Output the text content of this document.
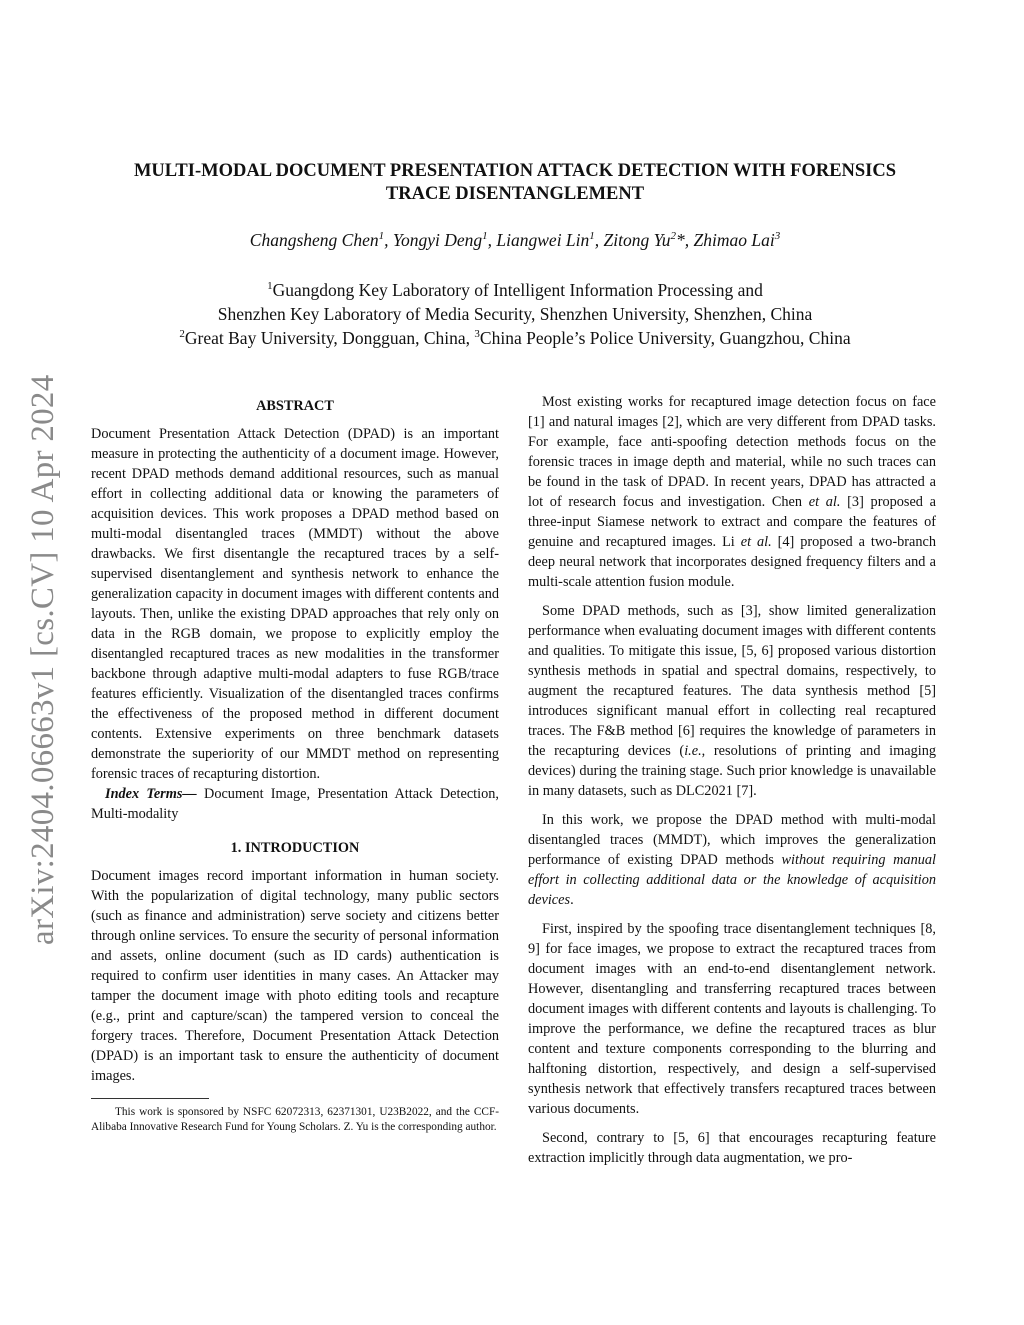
arXiv:2404.06663v1 [cs.CV] 10 Apr 2024
MULTI-MODAL DOCUMENT PRESENTATION ATTACK DETECTION WITH FORENSICS
TRACE DISENTANGLEMENT
Changsheng Chen$^1$, Yongyi Deng$^1$, Liangwei Lin$^1$, Zitong Yu$^2$*, Zhimao Lai$^3$
$^1$Guangdong Key Laboratory of Intelligent Information Processing and
Shenzhen Key Laboratory of Media Security, Shenzhen University, Shenzhen, China
$^2$Great Bay University, Dongguan, China, $^3$China People’s Police University, Guangzhou, China
ABSTRACT

Document Presentation Attack Detection (DPAD) is an important measure in protecting the authenticity of a document image. However, recent DPAD methods demand additional resources, such as manual effort in collecting additional data or knowing the parameters of acquisition devices. This work proposes a DPAD method based on multi-modal disentangled traces (MMDT) without the above drawbacks. We first disentangle the recaptured traces by a self-supervised disentanglement and synthesis network to enhance the generalization capacity in document images with different contents and layouts. Then, unlike the existing DPAD approaches that rely only on data in the RGB domain, we propose to explicitly employ the disentangled recaptured traces as new modalities in the transformer backbone through adaptive multi-modal adapters to fuse RGB/trace features efficiently. Visualization of the disentangled traces confirms the effectiveness of the proposed method in different document contents. Extensive experiments on three benchmark datasets demonstrate the superiority of our MMDT method on representing forensic traces of recapturing distortion.

Index Terms— Document Image, Presentation Attack Detection, Multi-modality

1. INTRODUCTION

Document images record important information in human society. With the popularization of digital technology, many public sectors (such as finance and administration) serve society and citizens better through online services. To ensure the security of personal information and assets, online document (such as ID cards) authentication is required to confirm user identities in many cases. An Attacker may tamper the document image with photo editing tools and recapture (e.g., print and capture/scan) the tampered version to conceal the forgery traces. Therefore, Document Presentation Attack Detection (DPAD) is an important task to ensure the authenticity of document images.

This work is sponsored by NSFC 62072313, 62371301, U23B2022, and the CCF-Alibaba Innovative Research Fund for Young Scholars. Z. Yu is the corresponding author.

Most existing works for recaptured image detection focus on face [1] and natural images [2], which are very different from DPAD tasks. For example, face anti-spoofing detection methods focus on the forensic traces in image depth and material, while no such traces can be found in the task of DPAD. In recent years, DPAD has attracted a lot of research focus and investigation. Chen et al. [3] proposed a three-input Siamese network to extract and compare the features of genuine and recaptured images. Li et al. [4] proposed a two-branch deep neural network that incorporates designed frequency filters and a multi-scale attention fusion module.

Some DPAD methods, such as [3], show limited generalization performance when evaluating document images with different contents and qualities. To mitigate this issue, [5, 6] proposed various distortion synthesis methods in spatial and spectral domains, respectively, to augment the recaptured features. The data synthesis method [5] introduces significant manual effort in collecting real recaptured traces. The F&B method [6] requires the knowledge of parameters in the recapturing devices (i.e., resolutions of printing and imaging devices) during the training stage. Such prior knowledge is unavailable in many datasets, such as DLC2021 [7].

In this work, we propose the DPAD method with multi-modal disentangled traces (MMDT), which improves the generalization performance of existing DPAD methods without requiring manual effort in collecting additional data or the knowledge of acquisition devices.

First, inspired by the spoofing trace disentanglement techniques [8, 9] for face images, we propose to extract the recaptured traces from document images with an end-to-end disentanglement network. However, disentangling and transferring recaptured traces between document images with different contents and layouts is challenging. To improve the performance, we define the recaptured traces as blur content and texture components corresponding to the blurring and halftoning distortion, respectively, and design a self-supervised synthesis network that effectively transfers recaptured traces between various documents.

Second, contrary to [5, 6] that encourages recapturing feature extraction implicitly through data augmentation, we pro-
